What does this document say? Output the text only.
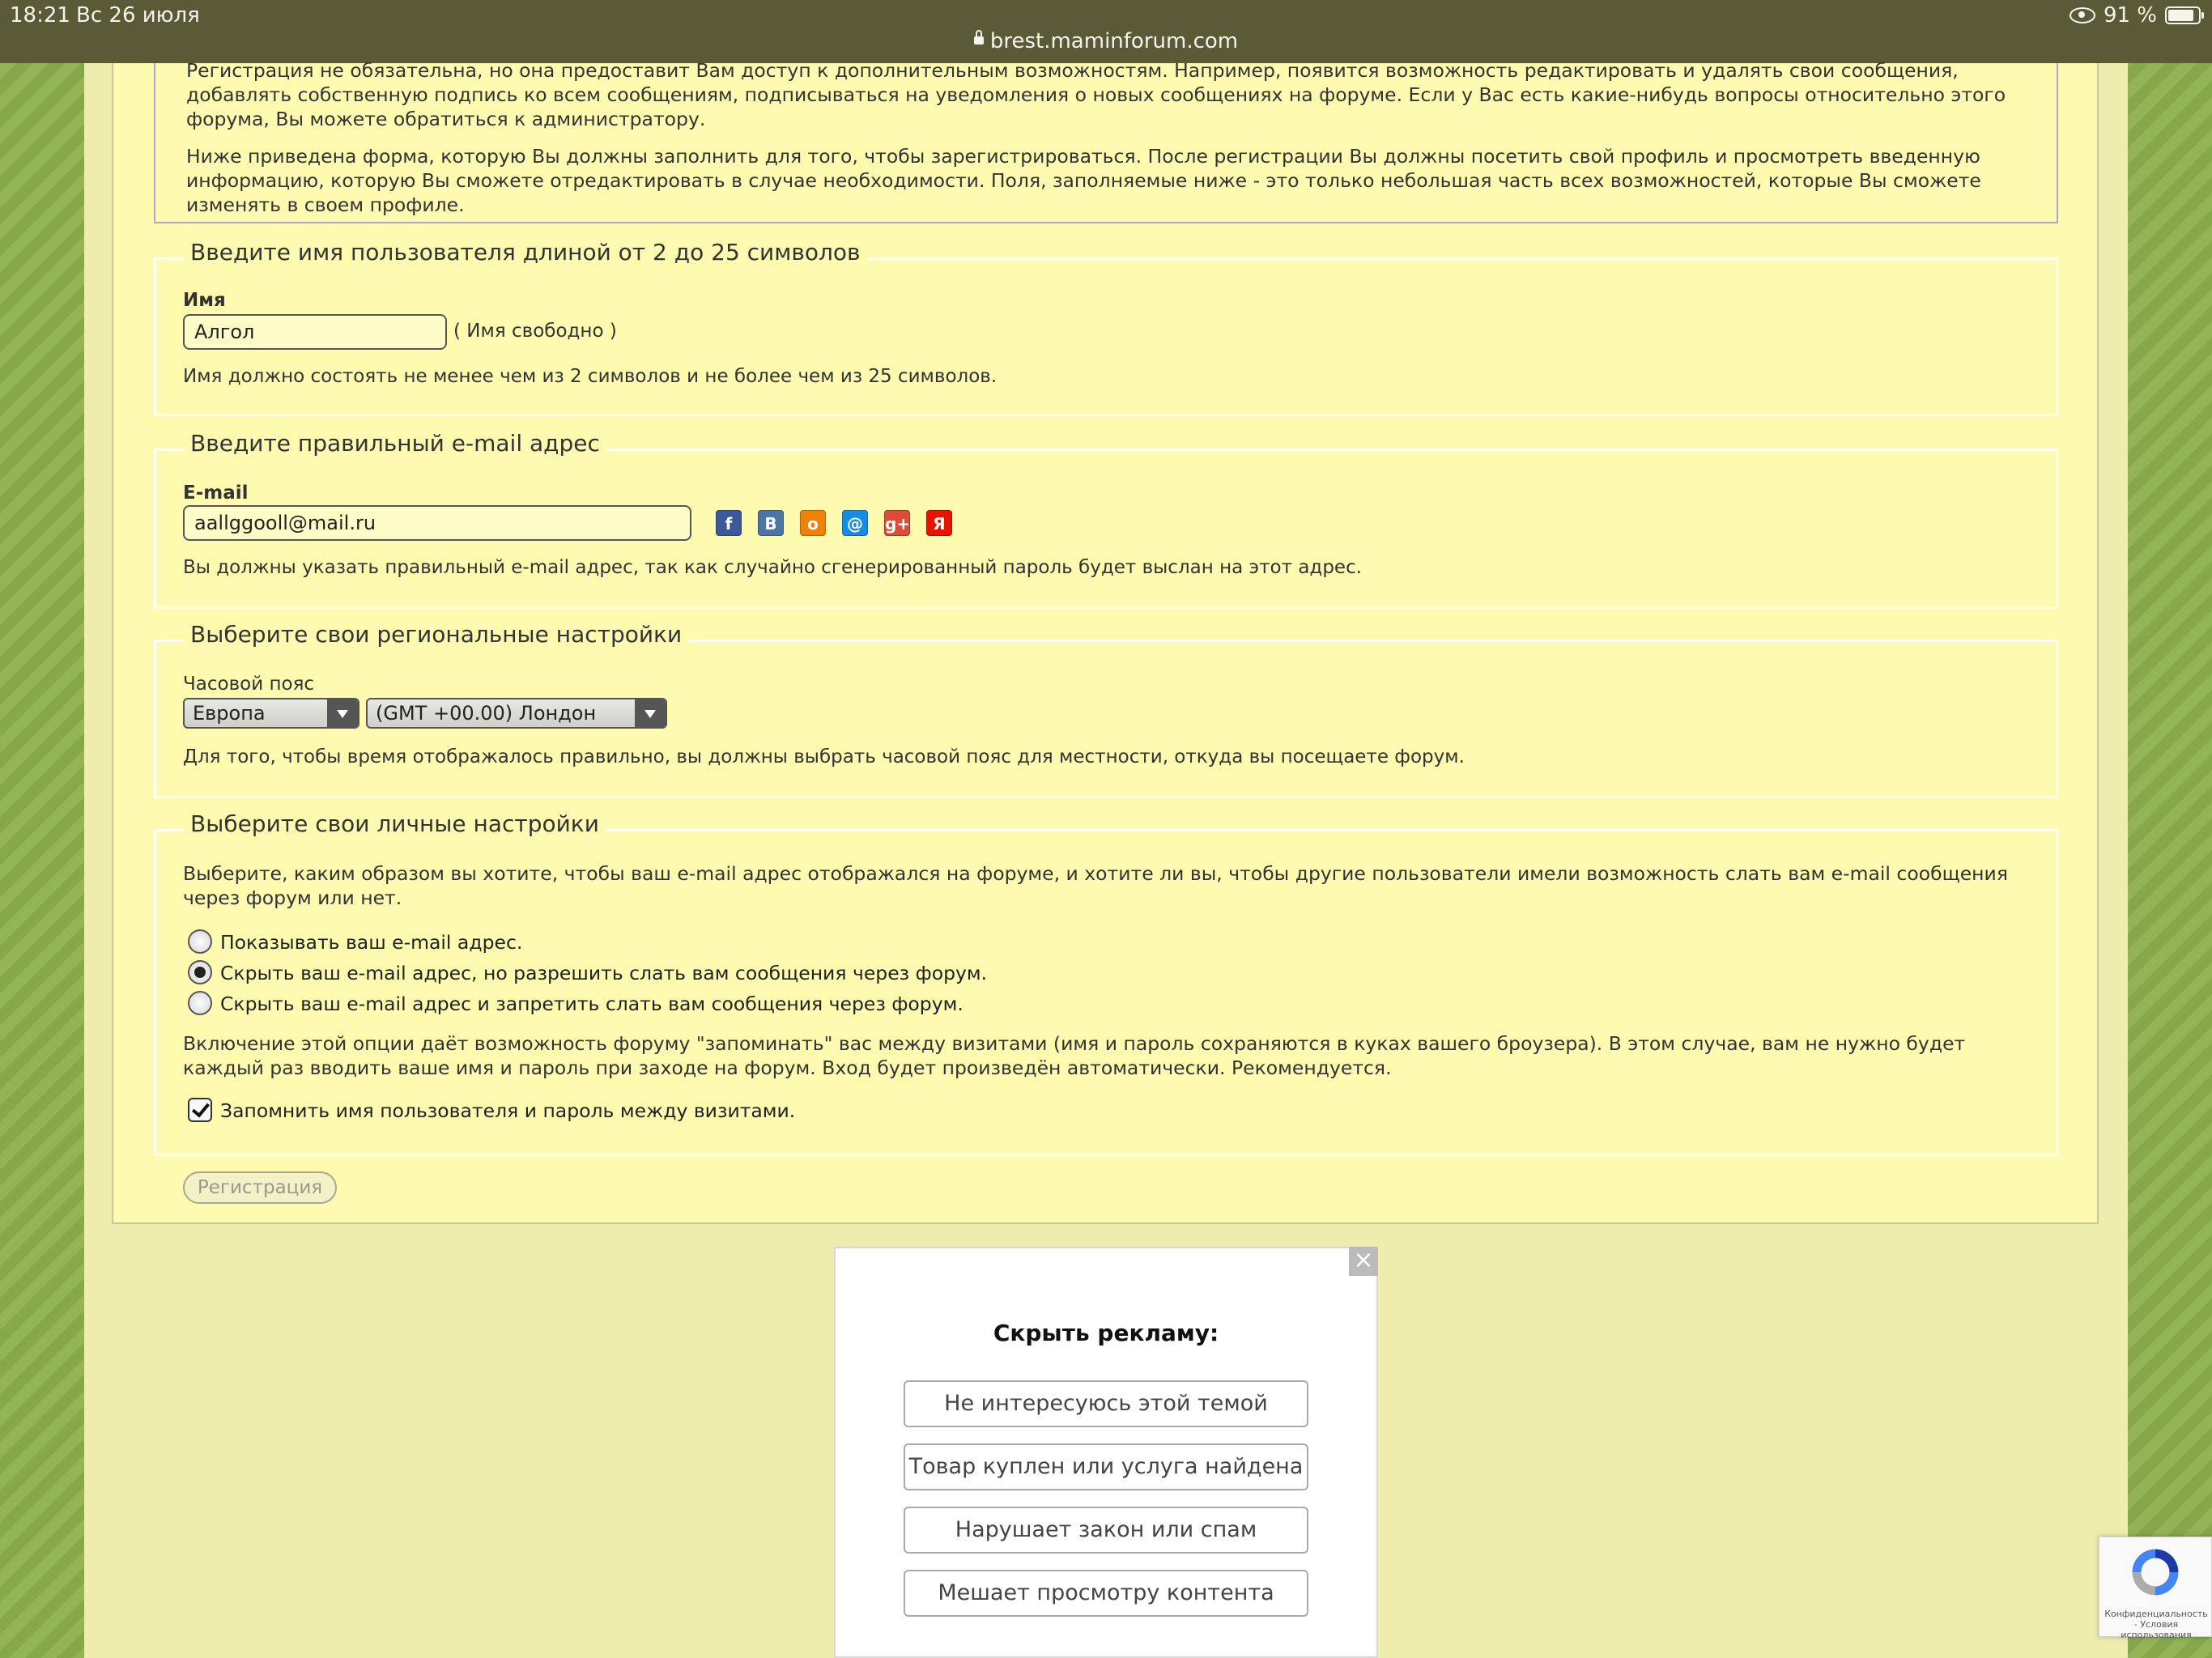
18:21 Вс 26 июля
brest.maminforum.com
91 %

Регистрация не обязательна, но она предоставит Вам доступ к дополнительным возможностям. Например, появится возможность редактировать и удалять свои сообщения, добавлять собственную подпись ко всем сообщениям, подписываться на уведомления о новых сообщениях на форуме. Если у Вас есть какие-нибудь вопросы относительно этого форума, Вы можете обратиться к администратору.

Ниже приведена форма, которую Вы должны заполнить для того, чтобы зарегистрироваться. После регистрации Вы должны посетить свой профиль и просмотреть введенную информацию, которую Вы сможете отредактировать в случае необходимости. Поля, заполняемые ниже - это только небольшая часть всех возможностей, которые Вы сможете изменять в своем профиле.

Введите имя пользователя длиной от 2 до 25 символов
Имя
Алгол
( Имя свободно )
Имя должно состоять не менее чем из 2 символов и не более чем из 25 символов.
Введите правильный e-mail адрес
E-mail
aallggooll@mail.ru
f	B	о	@	g+	Я
Вы должны указать правильный e-mail адрес, так как случайно сгенерированный пароль будет выслан на этот адрес.
Выберите свои региональные настройки
Часовой пояс
Европа	(GMT +00.00) Лондон
Для того, чтобы время отображалось правильно, вы должны выбрать часовой пояс для местности, откуда вы посещаете форум.
Выберите свои личные настройки
Выберите, каким образом вы хотите, чтобы ваш e-mail адрес отображался на форуме, и хотите ли вы, чтобы другие пользователи имели возможность слать вам e-mail сообщения через форум или нет.
Показывать ваш e-mail адрес.
Скрыть ваш e-mail адрес, но разрешить слать вам сообщения через форум.
Скрыть ваш e-mail адрес и запретить слать вам сообщения через форум.
Включение этой опции даёт возможность форуму "запоминать" вас между визитами (имя и пароль сохраняются в куках вашего броузера). В этом случае, вам не нужно будет каждый раз вводить ваше имя и пароль при заходе на форум. Вход будет произведён автоматически. Рекомендуется.
Запомнить имя пользователя и пароль между визитами.
Регистрация
×
Скрыть рекламу:
Не интересуюсь этой темой
Товар куплен или услуга найдена
Нарушает закон или спам
Мешает просмотру контента
Конфиденциальность - Условия использования
